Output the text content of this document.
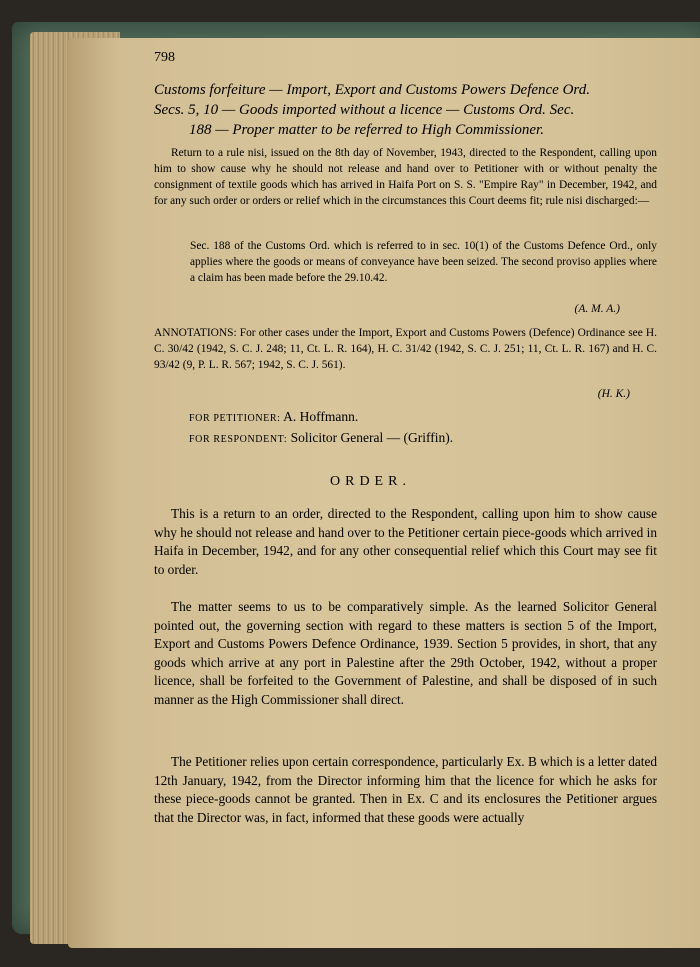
798
Customs forfeiture — Import, Export and Customs Powers Defence Ord.
Secs. 5, 10 — Goods imported without a licence — Customs Ord. Sec.
188 — Proper matter to be referred to High Commissioner.
Return to a rule nisi, issued on the 8th day of November, 1943, directed to the Respondent, calling upon him to show cause why he should not release and hand over to Petitioner with or without penalty the consignment of textile goods which has arrived in Haifa Port on S. S. "Empire Ray" in December, 1942, and for any such order or orders or relief which in the circumstances this Court deems fit; rule nisi discharged:—
Sec. 188 of the Customs Ord. which is referred to in sec. 10(1) of the Customs Defence Ord., only applies where the goods or means of conveyance have been seized. The second proviso applies where a claim has been made before the 29.10.42.
(A. M. A.)
ANNOTATIONS: For other cases under the Import, Export and Customs Powers (Defence) Ordinance see H. C. 30/42 (1942, S. C. J. 248; 11, Ct. L. R. 164), H. C. 31/42 (1942, S. C. J. 251; 11, Ct. L. R. 167) and H. C. 93/42 (9, P. L. R. 567; 1942, S. C. J. 561).
(H. K.)
FOR PETITIONER: A. Hoffmann.
FOR RESPONDENT: Solicitor General — (Griffin).
ORDER.
This is a return to an order, directed to the Respondent, calling upon him to show cause why he should not release and hand over to the Petitioner certain piece-goods which arrived in Haifa in December, 1942, and for any other consequential relief which this Court may see fit to order.
The matter seems to us to be comparatively simple. As the learned Solicitor General pointed out, the governing section with regard to these matters is section 5 of the Import, Export and Customs Powers Defence Ordinance, 1939. Section 5 provides, in short, that any goods which arrive at any port in Palestine after the 29th October, 1942, without a proper licence, shall be forfeited to the Government of Palestine, and shall be disposed of in such manner as the High Commissioner shall direct.
The Petitioner relies upon certain correspondence, particularly Ex. B which is a letter dated 12th January, 1942, from the Director informing him that the licence for which he asks for these piece-goods cannot be granted. Then in Ex. C and its enclosures the Petitioner argues that the Director was, in fact, informed that these goods were actually
